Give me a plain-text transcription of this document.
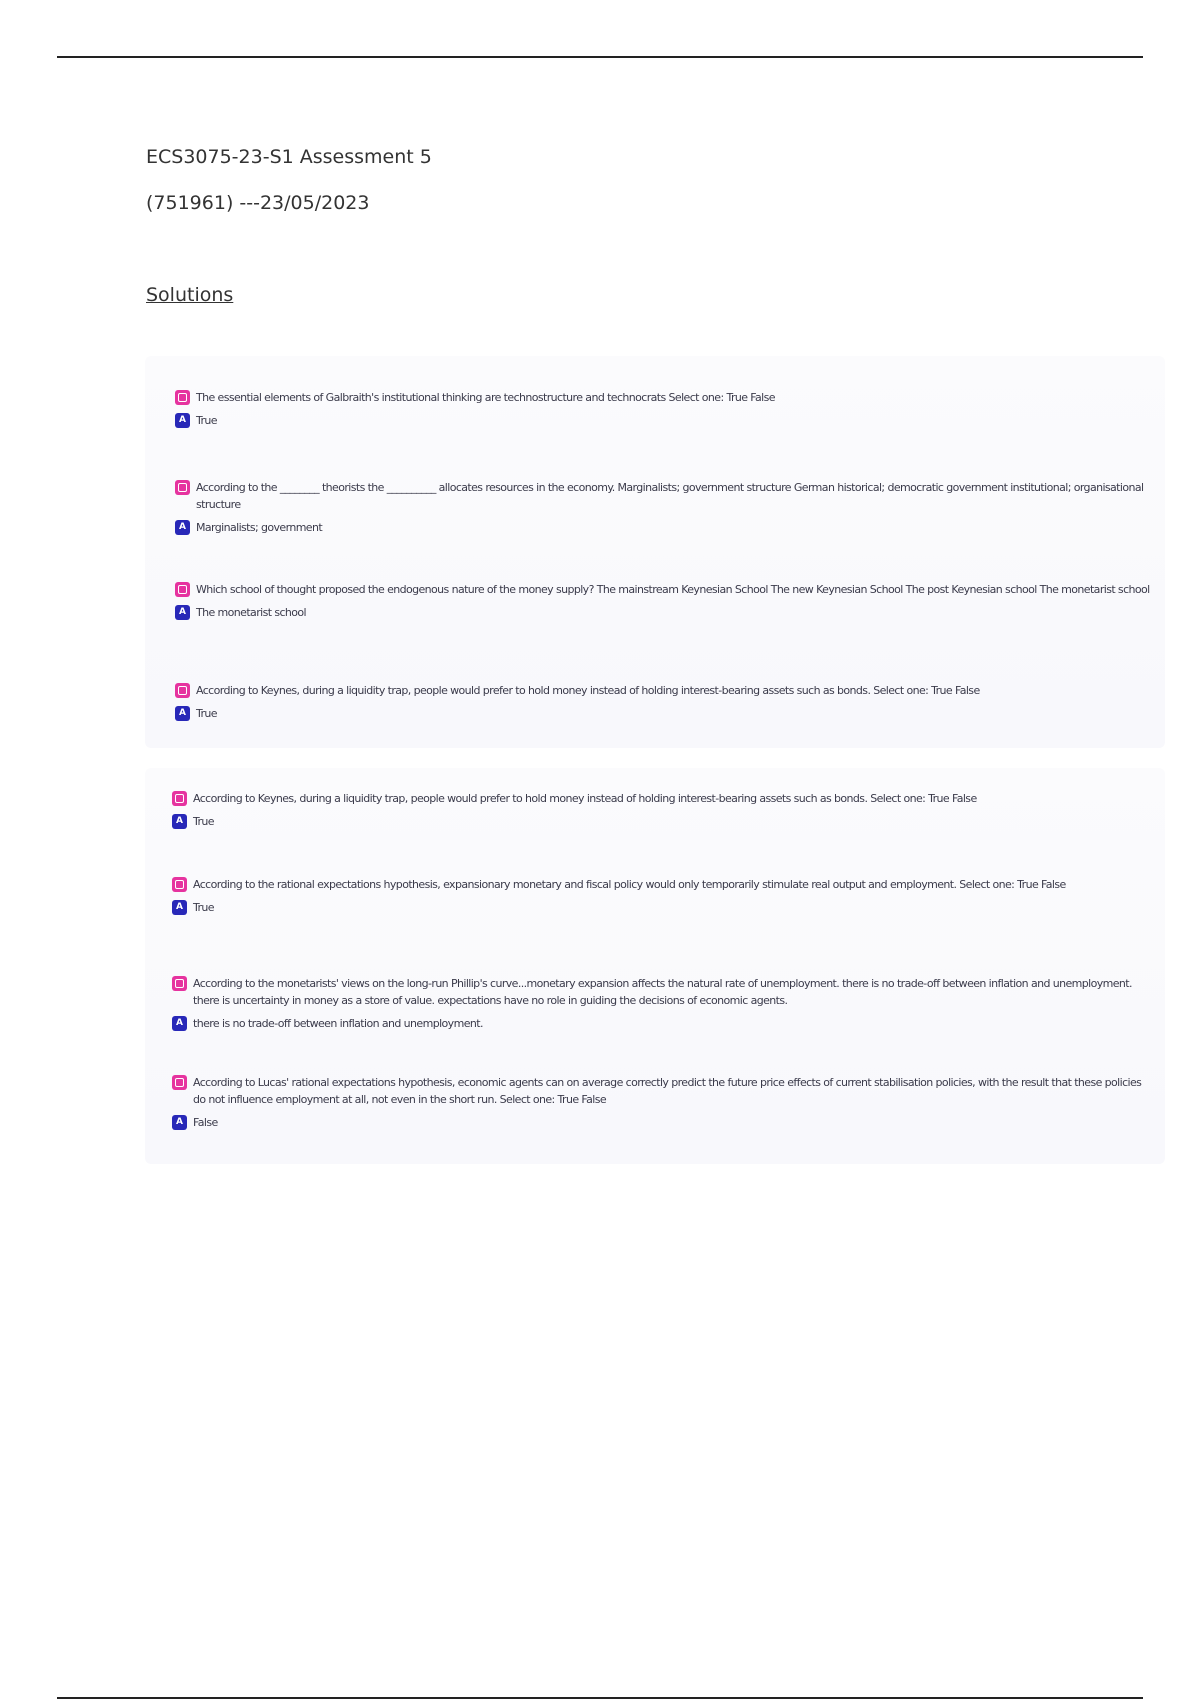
ECS3075-23-S1 Assessment 5
(751961) ---23/05/2023
Solutions
The essential elements of Galbraith's institutional thinking are technostructure and technocrats Select one: True False
A True
According to the ________ theorists the __________ allocates resources in the economy. Marginalists; government structure German historical; democratic government institutional; organisational structure
A Marginalists; government
Which school of thought proposed the endogenous nature of the money supply? The mainstream Keynesian School The new Keynesian School The post Keynesian school The monetarist school
A The monetarist school
According to Keynes, during a liquidity trap, people would prefer to hold money instead of holding interest-bearing assets such as bonds. Select one: True False
A True
According to Keynes, during a liquidity trap, people would prefer to hold money instead of holding interest-bearing assets such as bonds. Select one: True False
A True
According to the rational expectations hypothesis, expansionary monetary and fiscal policy would only temporarily stimulate real output and employment. Select one: True False
A True
According to the monetarists' views on the long-run Phillip's curve...monetary expansion affects the natural rate of unemployment. there is no trade-off between inflation and unemployment. there is uncertainty in money as a store of value. expectations have no role in guiding the decisions of economic agents.
A there is no trade-off between inflation and unemployment.
According to Lucas' rational expectations hypothesis, economic agents can on average correctly predict the future price effects of current stabilisation policies, with the result that these policies do not influence employment at all, not even in the short run. Select one: True False
A False
